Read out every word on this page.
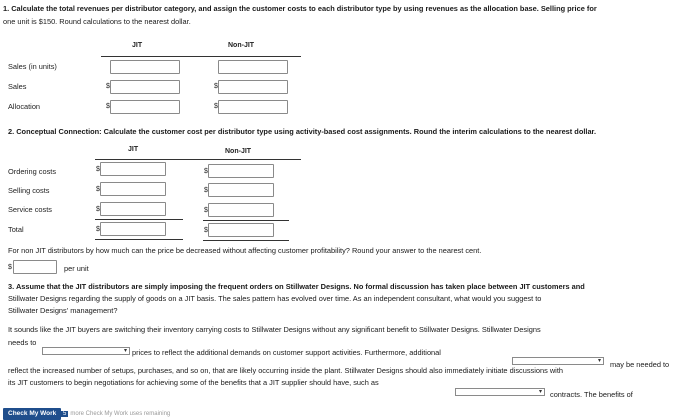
1. Calculate the total revenues per distributor category, and assign the customer costs to each distributor type by using revenues as the allocation base. Selling price for
one unit is $150. Round calculations to the nearest dollar.
JIT	Non-JIT
Sales (in units)
Sales	$	$
Allocation	$	$
2. Conceptual Connection: Calculate the customer cost per distributor type using activity-based cost assignments. Round the interim calculations to the nearest dollar.
JIT	Non-JIT
Ordering costs	$	$
Selling costs	$	$
Service costs	$	$
Total	$	$
For non JIT distributors by how much can the price be decreased without affecting customer profitability? Round your answer to the nearest cent.
$	per unit
3. Assume that the JIT distributors are simply imposing the frequent orders on Stillwater Designs. No formal discussion has taken place between JIT customers and
Stillwater Designs regarding the supply of goods on a JIT basis. The sales pattern has evolved over time. As an independent consultant, what would you suggest to
Stillwater Designs' management?
It sounds like the JIT buyers are switching their inventory carrying costs to Stillwater Designs without any significant benefit to Stillwater Designs. Stillwater Designs
needs to
▾ prices to reflect the additional demands on customer support activities. Furthermore, additional
▾ may be needed to
reflect the increased number of setups, purchases, and so on, that are likely occurring inside the plant. Stillwater Designs should also immediately initiate discussions with
its JIT customers to begin negotiations for achieving some of the benefits that a JIT supplier should have, such as
▾ contracts. The benefits of
Check My Work	5 more Check My Work uses remaining
